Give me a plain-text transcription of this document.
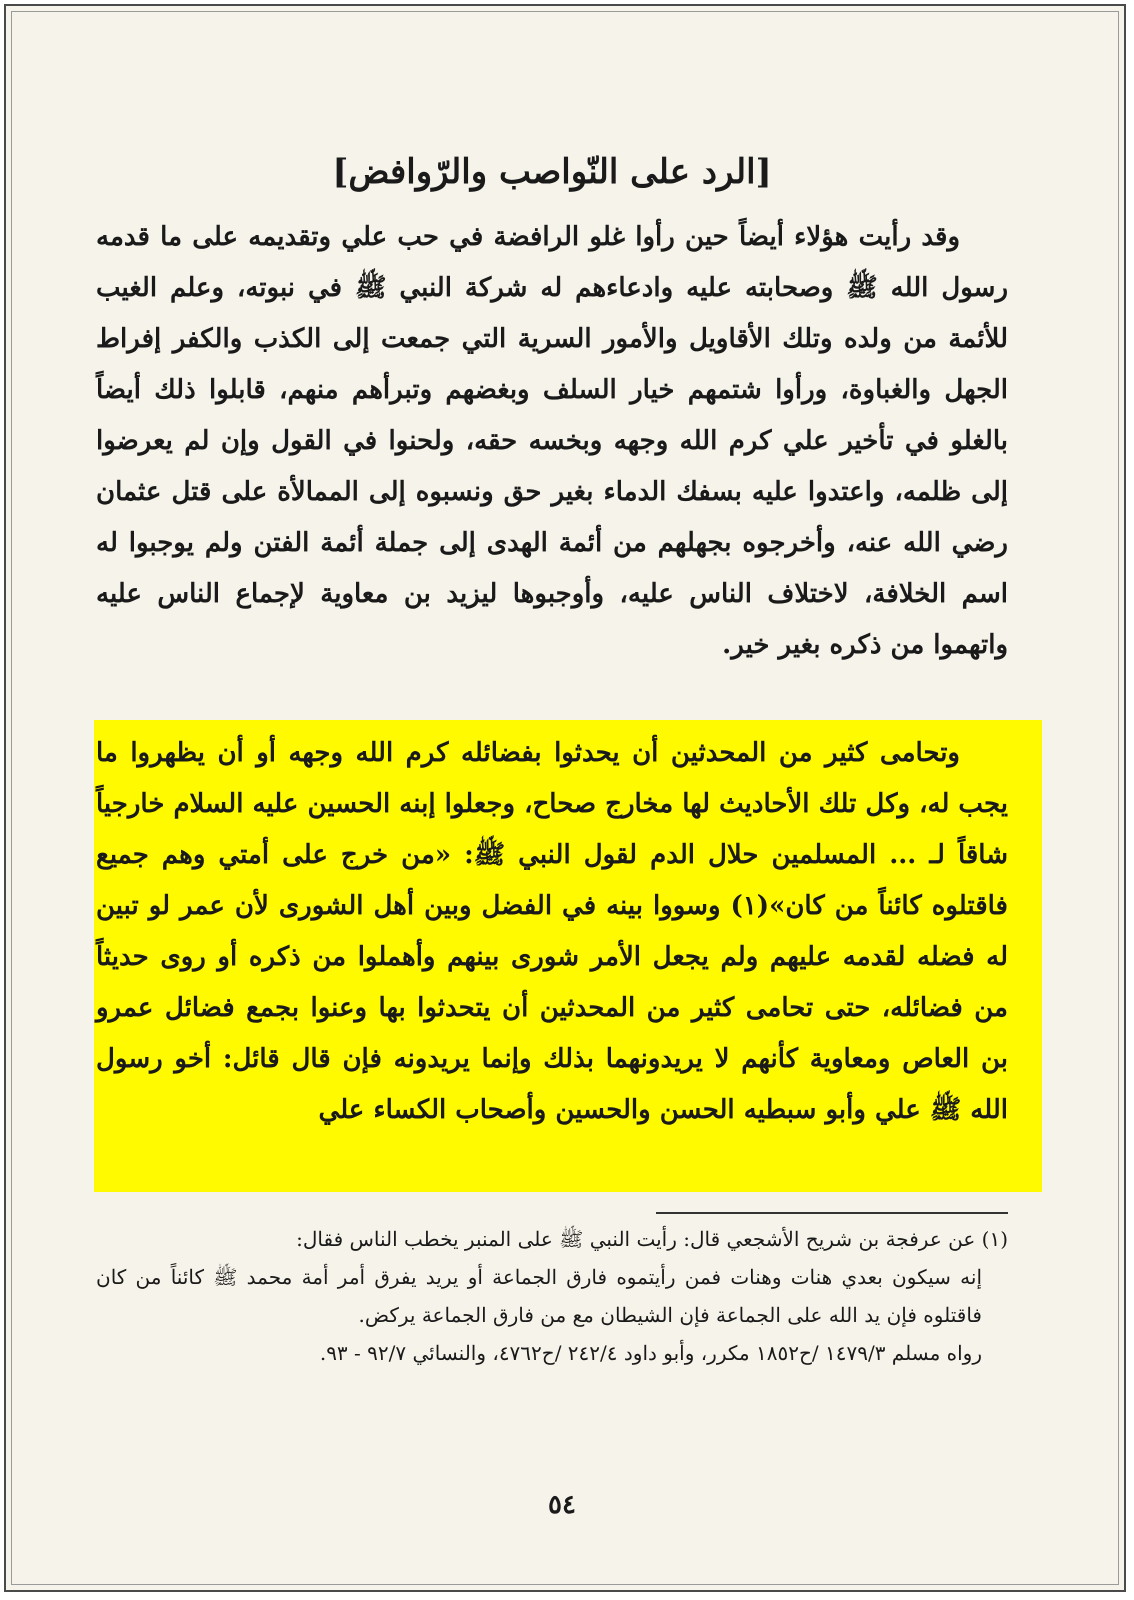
[الرد على النّواصب والرّوافض]

وقد رأيت هؤلاء أيضاً حين رأوا غلو الرافضة في حب علي وتقديمه على ما قدمه رسول الله ﷺ وصحابته عليه وادعاءهم له شركة النبي ﷺ في نبوته، وعلم الغيب للأئمة من ولده وتلك الأقاويل والأمور السرية التي جمعت إلى الكذب والكفر إفراط الجهل والغباوة، ورأوا شتمهم خيار السلف وبغضهم وتبرأهم منهم، قابلوا ذلك أيضاً بالغلو في تأخير علي كرم الله وجهه وبخسه حقه، ولحنوا في القول وإن لم يعرضوا إلى ظلمه، واعتدوا عليه بسفك الدماء بغير حق ونسبوه إلى الممالأة على قتل عثمان رضي الله عنه، وأخرجوه بجهلهم من أئمة الهدى إلى جملة أئمة الفتن ولم يوجبوا له اسم الخلافة، لاختلاف الناس عليه، وأوجبوها ليزيد بن معاوية لإجماع الناس عليه واتهموا من ذكره بغير خير.

وتحامى كثير من المحدثين أن يحدثوا بفضائله كرم الله وجهه أو أن يظهروا ما يجب له، وكل تلك الأحاديث لها مخارج صحاح، وجعلوا إبنه الحسين عليه السلام خارجياً شاقاً لـ ... المسلمين حلال الدم لقول النبي ﷺ: «من خرج على أمتي وهم جميع فاقتلوه كائناً من كان»(١) وسووا بينه في الفضل وبين أهل الشورى لأن عمر لو تبين له فضله لقدمه عليهم ولم يجعل الأمر شورى بينهم وأهملوا من ذكره أو روى حديثاً من فضائله، حتى تحامى كثير من المحدثين أن يتحدثوا بها وعنوا بجمع فضائل عمرو بن العاص ومعاوية كأنهم لا يريدونهما بذلك وإنما يريدونه فإن قال قائل: أخو رسول الله ﷺ علي وأبو سبطيه الحسن والحسين وأصحاب الكساء علي

(١) عن عرفجة بن شريح الأشجعي قال: رأيت النبي ﷺ على المنبر يخطب الناس فقال:

إنه سيكون بعدي هنات وهنات فمن رأيتموه فارق الجماعة أو يريد يفرق أمر أمة محمد ﷺ كائناً من كان فاقتلوه فإن يد الله على الجماعة فإن الشيطان مع من فارق الجماعة يركض.

رواه مسلم ١٤٧٩/٣ /ح١٨٥٢ مكرر، وأبو داود ٢٤٢/٤ /ح٤٧٦٢، والنسائي ٩٢/٧ - ٩٣.

٥٤
